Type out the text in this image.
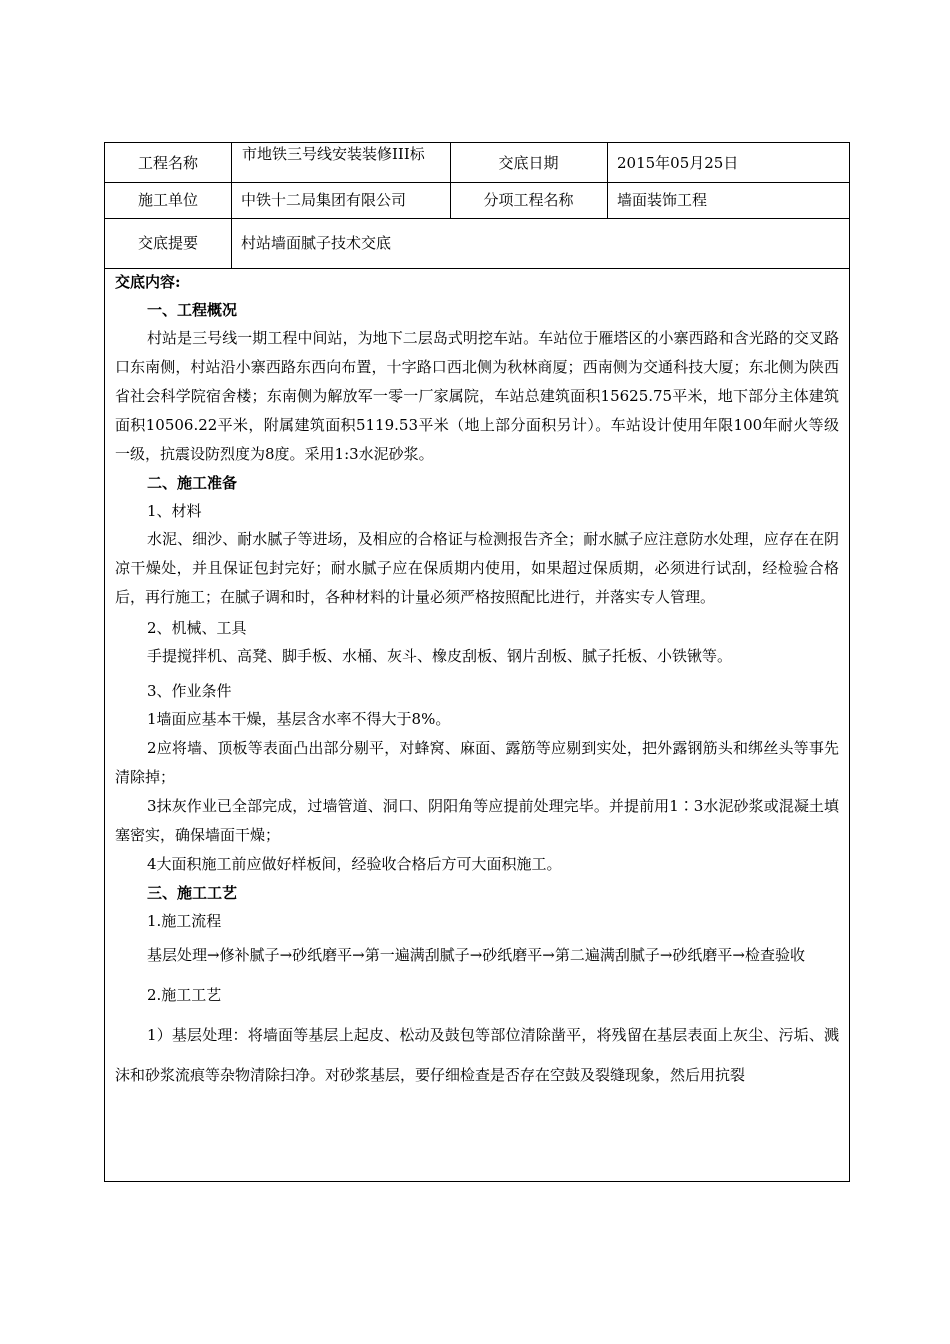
工程名称	市地铁三号线安装装修III标	交底日期	2015年05月25日
施工单位	中铁十二局集团有限公司	分项工程名称	墙面装饰工程
交底提要	村站墙面腻子技术交底

交底内容:

一、工程概况

村站是三号线一期工程中间站，为地下二层岛式明挖车站。车站位于雁塔区的小寨西路和含光路的交叉路口东南侧，村站沿小寨西路东西向布置，十字路口西北侧为秋林商厦；西南侧为交通科技大厦；东北侧为陕西省社会科学院宿舍楼；东南侧为解放军一零一厂家属院，车站总建筑面积15625.75平米，地下部分主体建筑面积10506.22平米，附属建筑面积5119.53平米（地上部分面积另计）。车站设计使用年限100年耐火等级一级，抗震设防烈度为8度。采用1:3水泥砂浆。

二、施工准备

1、材料

水泥、细沙、耐水腻子等进场，及相应的合格证与检测报告齐全；耐水腻子应注意防水处理，应存在在阴凉干燥处，并且保证包封完好；耐水腻子应在保质期内使用，如果超过保质期，必须进行试刮，经检验合格后，再行施工；在腻子调和时，各种材料的计量必须严格按照配比进行，并落实专人管理。

2、机械、工具

手提搅拌机、高凳、脚手板、水桶、灰斗、橡皮刮板、钢片刮板、腻子托板、小铁锹等。

3、作业条件

1墙面应基本干燥，基层含水率不得大于8%。

2应将墙、顶板等表面凸出部分剔平，对蜂窝、麻面、露筋等应剔到实处，把外露钢筋头和绑丝头等事先清除掉；

3抹灰作业已全部完成，过墙管道、洞口、阴阳角等应提前处理完毕。并提前用1∶3水泥砂浆或混凝土填塞密实，确保墙面干燥；

4大面积施工前应做好样板间，经验收合格后方可大面积施工。

三、施工工艺

1.施工流程

基层处理→修补腻子→砂纸磨平→第一遍满刮腻子→砂纸磨平→第二遍满刮腻子→砂纸磨平→检查验收

2.施工工艺

1）基层处理：将墙面等基层上起皮、松动及鼓包等部位清除凿平，将残留在基层表面上灰尘、污垢、溅沫和砂浆流痕等杂物清除扫净。对砂浆基层，要仔细检查是否存在空鼓及裂缝现象，然后用抗裂
